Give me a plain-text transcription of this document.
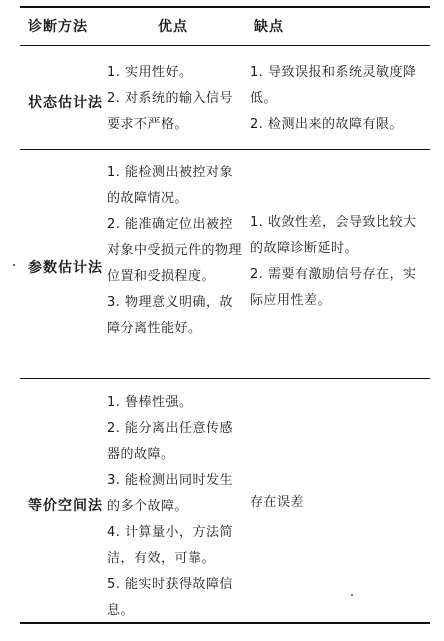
诊断方法	优点	缺点
状态估计法

1. 实用性好。

2. 对系统的输入信号要求不严格。

1. 导致误报和系统灵敏度降低。

2. 检测出来的故障有限。

参数估计法

1. 能检测出被控对象的故障情况。

2. 能准确定位出被控对象中受损元件的物理位置和受损程度。

3. 物理意义明确，故障分离性能好。

1. 收敛性差，会导致比较大的故障诊断延时。

2. 需要有激励信号存在，实际应用性差。

等价空间法

1. 鲁棒性强。

2. 能分离出任意传感器的故障。

3. 能检测出同时发生的多个故障。

4. 计算量小，方法简洁，有效，可靠。

5. 能实时获得故障信息。

存在误差
